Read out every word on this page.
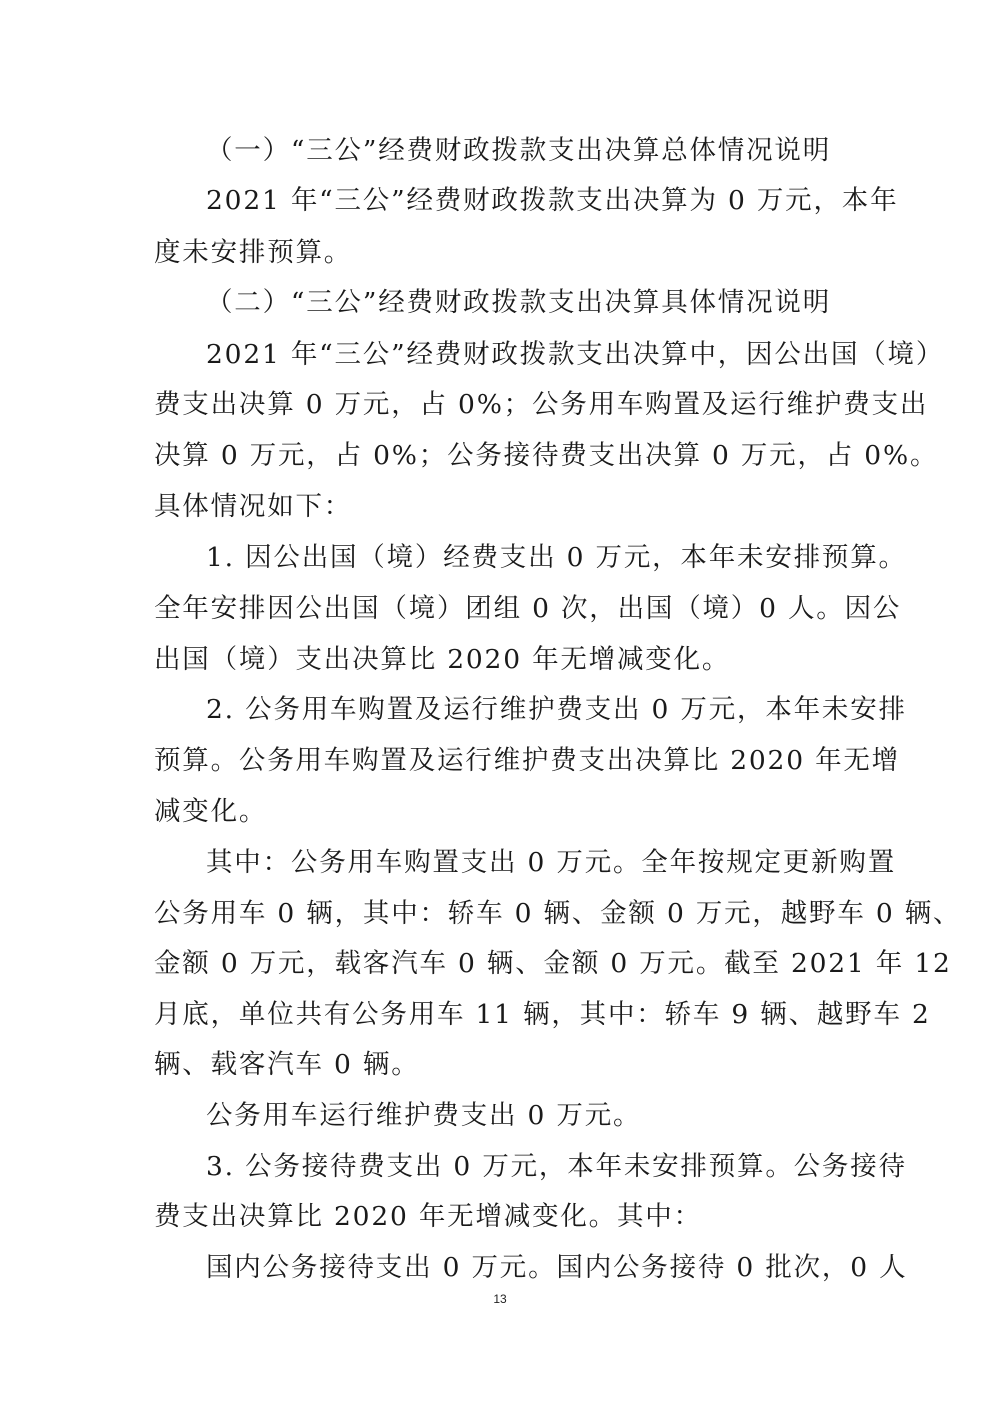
（一）“三公”经费财政拨款支出决算总体情况说明
2021 年“三公”经费财政拨款支出决算为 0 万元，本年
度未安排预算。
（二）“三公”经费财政拨款支出决算具体情况说明
2021 年“三公”经费财政拨款支出决算中，因公出国（境）
费支出决算 0 万元，占 0%；公务用车购置及运行维护费支出
决算 0 万元，占 0%；公务接待费支出决算 0 万元，占 0%。
具体情况如下：
1. 因公出国（境）经费支出 0 万元，本年未安排预算。
全年安排因公出国（境）团组 0 次，出国（境）0 人。因公
出国（境）支出决算比 2020 年无增减变化。
2. 公务用车购置及运行维护费支出 0 万元，本年未安排
预算。公务用车购置及运行维护费支出决算比 2020 年无增
减变化。
其中：公务用车购置支出 0 万元。全年按规定更新购置
公务用车 0 辆，其中：轿车 0 辆、金额 0 万元，越野车 0 辆、
金额 0 万元，载客汽车 0 辆、金额 0 万元。截至 2021 年 12
月底，单位共有公务用车 11 辆，其中：轿车 9 辆、越野车 2
辆、载客汽车 0 辆。
公务用车运行维护费支出 0 万元。
3. 公务接待费支出 0 万元，本年未安排预算。公务接待
费支出决算比 2020 年无增减变化。其中：
国内公务接待支出 0 万元。国内公务接待 0 批次，0 人
13
